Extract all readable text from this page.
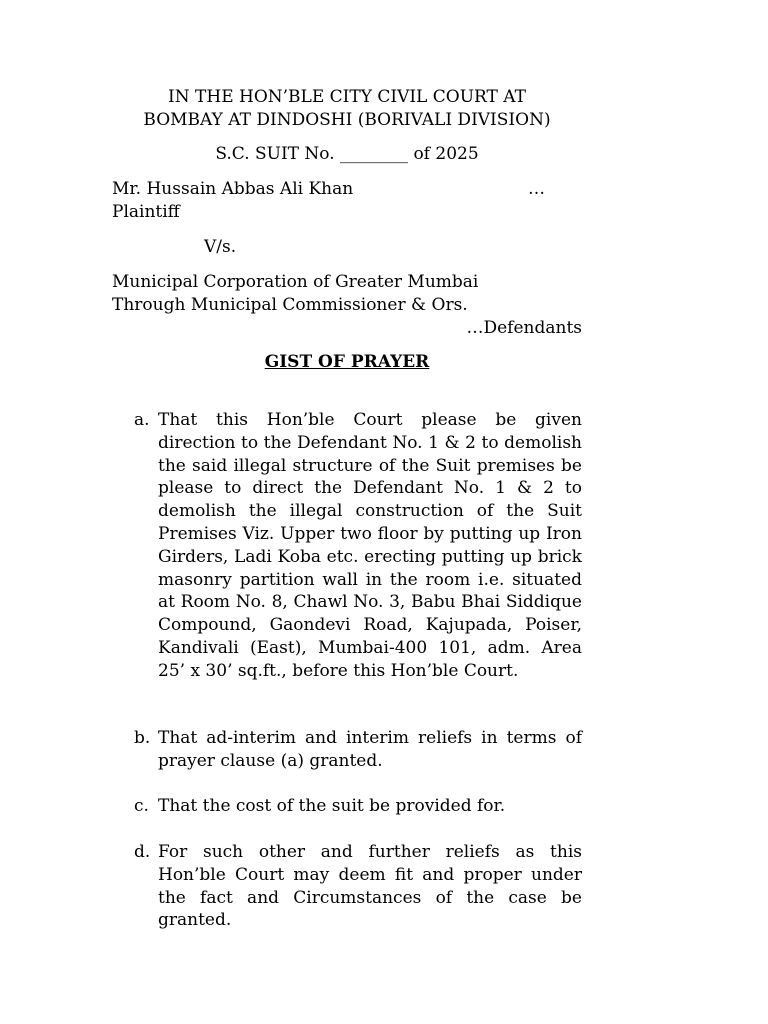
IN THE HON’BLE CITY CIVIL COURT AT
BOMBAY AT DINDOSHI (BORIVALI DIVISION)
S.C. SUIT No. ________ of 2025
Mr. Hussain Abbas Ali Khan	…
Plaintiff
V/s.
Municipal Corporation of Greater Mumbai
Through Municipal Commissioner & Ors.
…Defendants
GIST OF PRAYER
a. That this Hon’ble Court please be given direction to the Defendant No. 1 & 2 to demolish the said illegal structure of the Suit premises be please to direct the Defendant No. 1 & 2 to demolish the illegal construction of the Suit Premises Viz. Upper two floor by putting up Iron Girders, Ladi Koba etc. erecting putting up brick masonry partition wall in the room i.e. situated at Room No. 8, Chawl No. 3, Babu Bhai Siddique Compound, Gaondevi Road, Kajupada, Poiser, Kandivali (East), Mumbai-400 101, adm. Area 25’ x 30’ sq.ft., before this Hon’ble Court.
b. That ad-interim and interim reliefs in terms of prayer clause (a) granted.
c. That the cost of the suit be provided for.
d. For such other and further reliefs as this Hon’ble Court may deem fit and proper under the fact and Circumstances of the case be granted.
